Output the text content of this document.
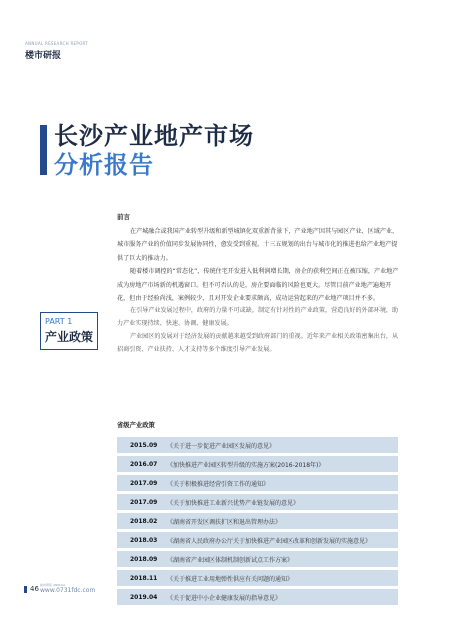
ANNUAL RESEARCH REPORT
楼市研报
长沙产业地产市场
分析报告
前言

在产城融合或我国产业转型升级和新型城镇化双重新背景下，产业地产因其与园区产业、区域产业、城市服务产业的价值同步发展协同性，愈发受到重视。十三五规划的出台与城市化的推进也给产业地产提供了巨大的推动力。

随着楼市调控的“常态化”，传统住宅开发进入低利润增长期，房企的获利空间正在被压缩，产业地产成为房地产市场新的机遇窗口。但不可否认的是，房企要面临的风险也更大。尽管目前产业地产遍地开花，但由于经验尚浅，案例较少，且对开发企业要求颇高，成功运营起来的产业地产项目并不多。

PART 1
产业政策

在引导产业发展过程中，政府的力量不可或缺。制定有针对性的产业政策，营造良好的外部环境，助力产业实现持续、快速、协调、健康发展。

产业园区的发展对于经济发展的贡献越来越受到政府部门的重视。近年来产业相关政策密集出台，从招商引资、产业扶持、人才支持等多个维度引导产业发展。

省级产业政策
2015.09	《关于进一步促进产业园区发展的意见》
2016.07	《加快推进产业园区转型升级的实施方案(2016-2018年)》
2017.09	《关于积极推进经营引资工作的通知》
2017.09	《关于加快推进工业新兴优势产业链发展的意见》
2018.02	《湖南省开发区调扶扩区和退出管理办法》
2018.03	《湖南省人民政府办公厅关于加快推进产业园区改革和创新发展的实施意见》
2018.09	《湖南省产业园区体制机制创新试点工作方案》
2018.11	《关于推进工业用地弹性供应有关问题的通知》
2019.04	《关于促进中小企业健康发展的指导意见》
46 楼市研报 ANNUAL
www.0731fdc.com
